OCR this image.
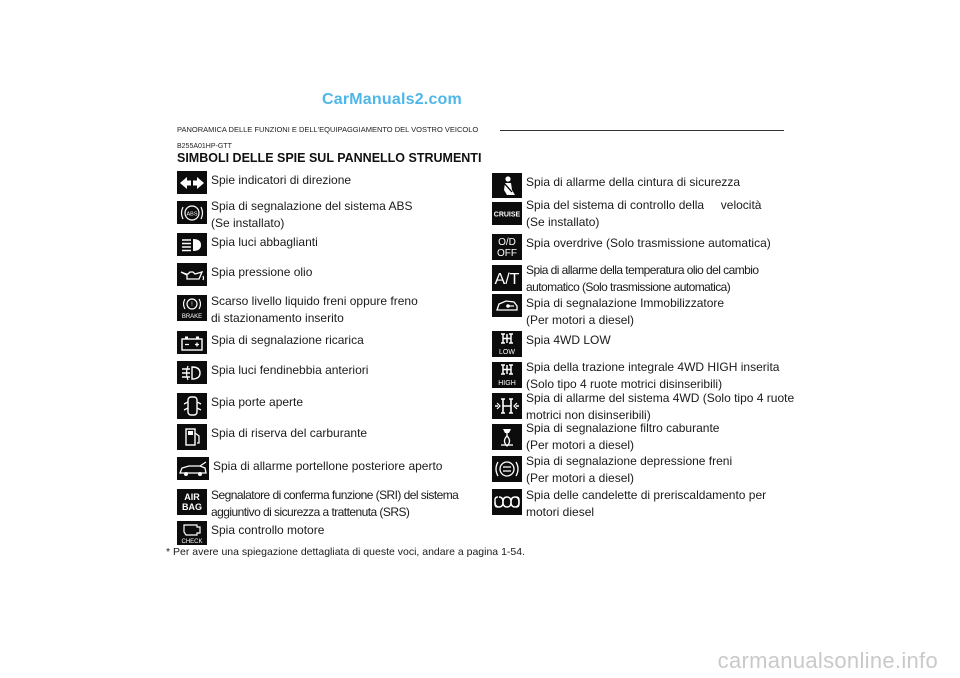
CarManuals2.com
PANORAMICA DELLE FUNZIONI E DELL'EQUIPAGGIAMENTO DEL VOSTRO VEICOLO
B255A01HP-GTT
SIMBOLI DELLE SPIE SUL PANNELLO STRUMENTI
Spie indicatori di direzione
ABS
Spia di segnalazione del sistema ABS
(Se installato)
Spia luci abbaglianti
Spia pressione olio
!
BRAKE
Scarso livello liquido freni oppure freno
di stazionamento inserito
Spia di segnalazione ricarica
Spia luci fendinebbia anteriori
Spia porte aperte
Spia di riserva del carburante
Spia di allarme portellone posteriore aperto
AIR
BAG
Segnalatore di conferma funzione (SRI) del sistema
aggiuntivo di sicurezza a trattenuta (SRS)
CHECK
Spia controllo motore
Spia di allarme della cintura di sicurezza
CRUISE
Spia del sistema di controllo della     velocità
(Se installato)
O/D
OFF
Spia overdrive (Solo trasmissione automatica)
A/T
Spia di allarme della temperatura olio del cambio
automatico (Solo trasmissione automatica)
Spia di segnalazione Immobilizzatore
(Per motori a diesel)
LOW
Spia 4WD LOW
HIGH
Spia della trazione integrale 4WD HIGH inserita
(Solo tipo 4 ruote motrici disinseribili)
Spia di allarme del sistema 4WD (Solo tipo 4 ruote
motrici non disinseribili)
Spia di segnalazione filtro caburante
(Per motori a diesel)
Spia di segnalazione depressione freni
(Per motori a diesel)
Spia delle candelette di preriscaldamento per
motori diesel
* Per avere una spiegazione dettagliata di queste voci, andare a pagina 1-54.
carmanualsonline.info
